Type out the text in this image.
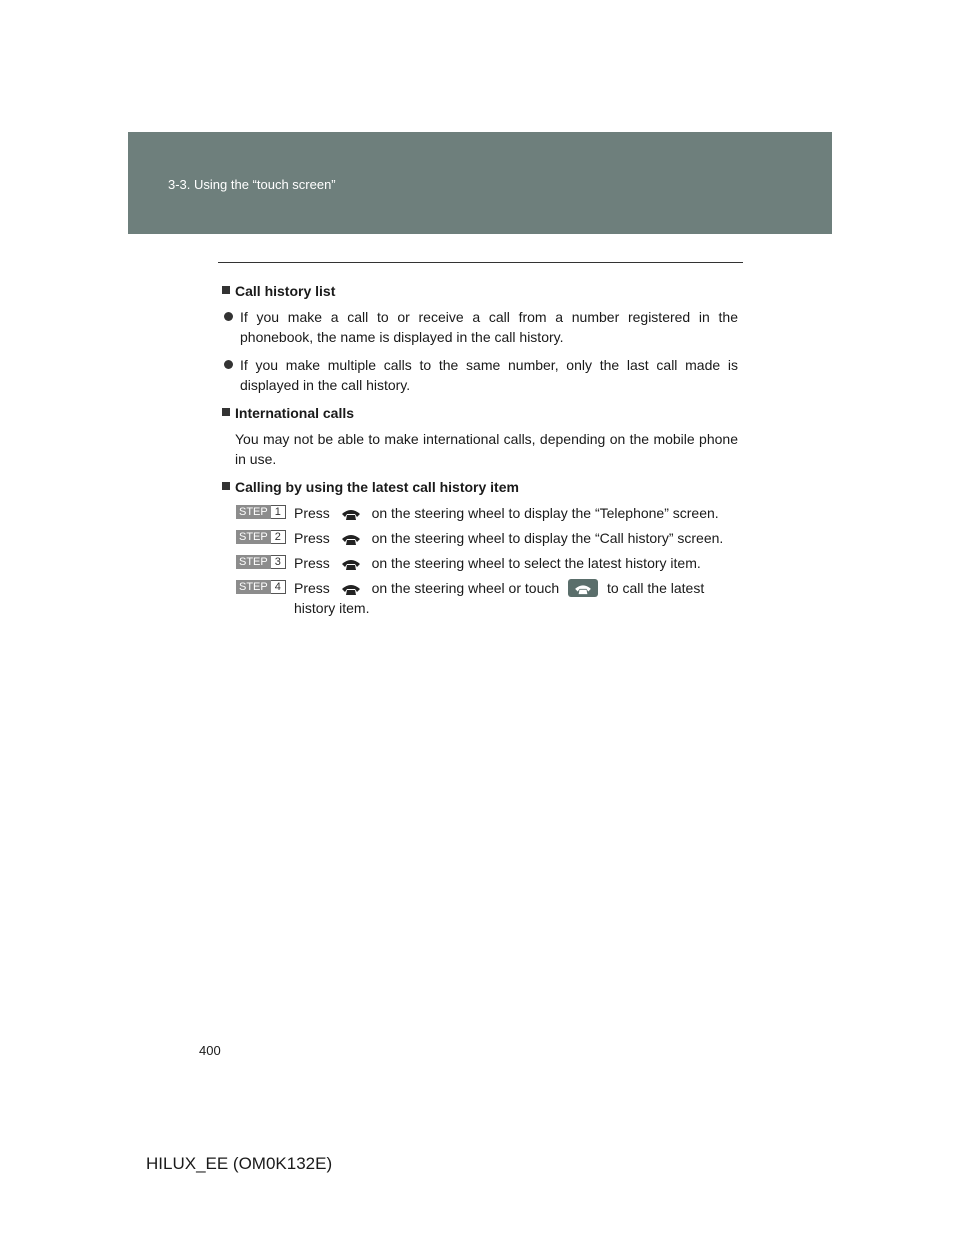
3-3. Using the “touch screen”
Call history list
If you make a call to or receive a call from a number registered in the phonebook, the name is displayed in the call history.
If you make multiple calls to the same number, only the last call made is displayed in the call history.
International calls
You may not be able to make international calls, depending on the mobile phone in use.
Calling by using the latest call history item
STEP 1 Press	on the steering wheel to display the “Telephone” screen.
STEP 2 Press	on the steering wheel to display the “Call history” screen.
STEP 3 Press	on the steering wheel to select the latest history item.
STEP 4 Press	on the steering wheel or touch	to call the latest history item.
400
HILUX_EE (OM0K132E)
